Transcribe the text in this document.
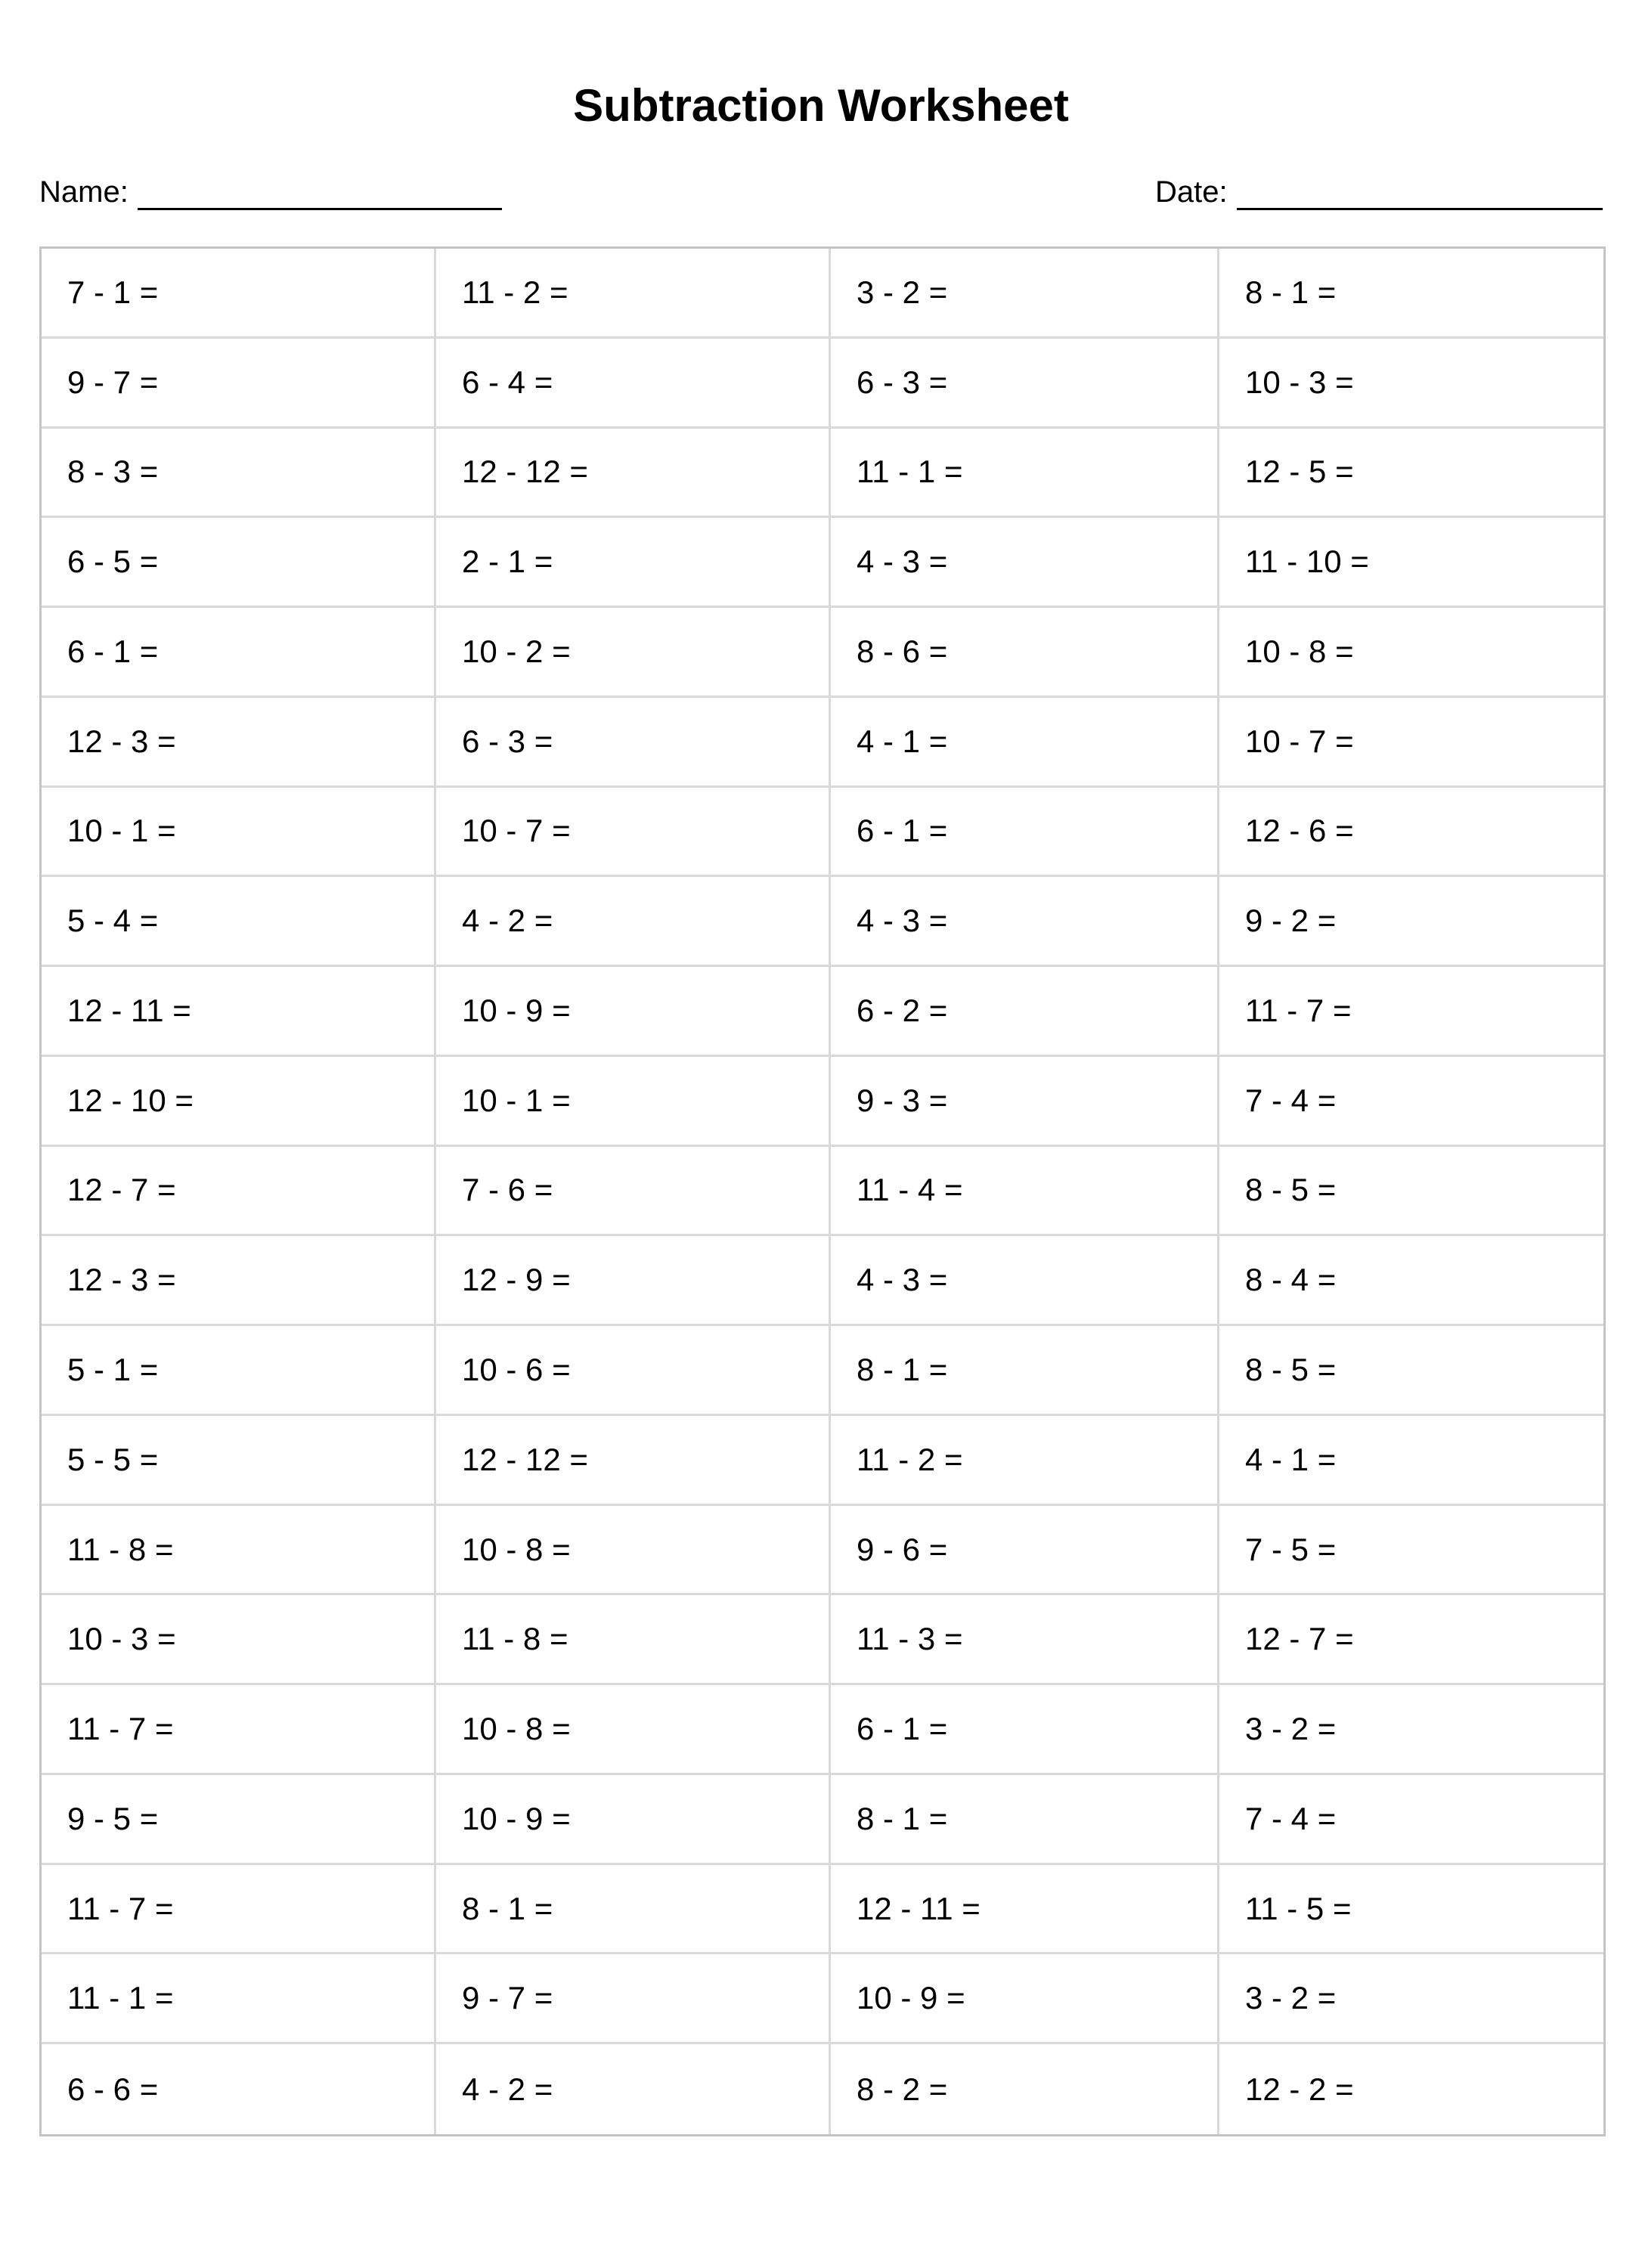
Subtraction Worksheet
Name:	Date:
7 - 1 =	11 - 2 =	3 - 2 =	8 - 1 =
9 - 7 =	6 - 4 =	6 - 3 =	10 - 3 =
8 - 3 =	12 - 12 =	11 - 1 =	12 - 5 =
6 - 5 =	2 - 1 =	4 - 3 =	11 - 10 =
6 - 1 =	10 - 2 =	8 - 6 =	10 - 8 =
12 - 3 =	6 - 3 =	4 - 1 =	10 - 7 =
10 - 1 =	10 - 7 =	6 - 1 =	12 - 6 =
5 - 4 =	4 - 2 =	4 - 3 =	9 - 2 =
12 - 11 =	10 - 9 =	6 - 2 =	11 - 7 =
12 - 10 =	10 - 1 =	9 - 3 =	7 - 4 =
12 - 7 =	7 - 6 =	11 - 4 =	8 - 5 =
12 - 3 =	12 - 9 =	4 - 3 =	8 - 4 =
5 - 1 =	10 - 6 =	8 - 1 =	8 - 5 =
5 - 5 =	12 - 12 =	11 - 2 =	4 - 1 =
11 - 8 =	10 - 8 =	9 - 6 =	7 - 5 =
10 - 3 =	11 - 8 =	11 - 3 =	12 - 7 =
11 - 7 =	10 - 8 =	6 - 1 =	3 - 2 =
9 - 5 =	10 - 9 =	8 - 1 =	7 - 4 =
11 - 7 =	8 - 1 =	12 - 11 =	11 - 5 =
11 - 1 =	9 - 7 =	10 - 9 =	3 - 2 =
6 - 6 =	4 - 2 =	8 - 2 =	12 - 2 =
